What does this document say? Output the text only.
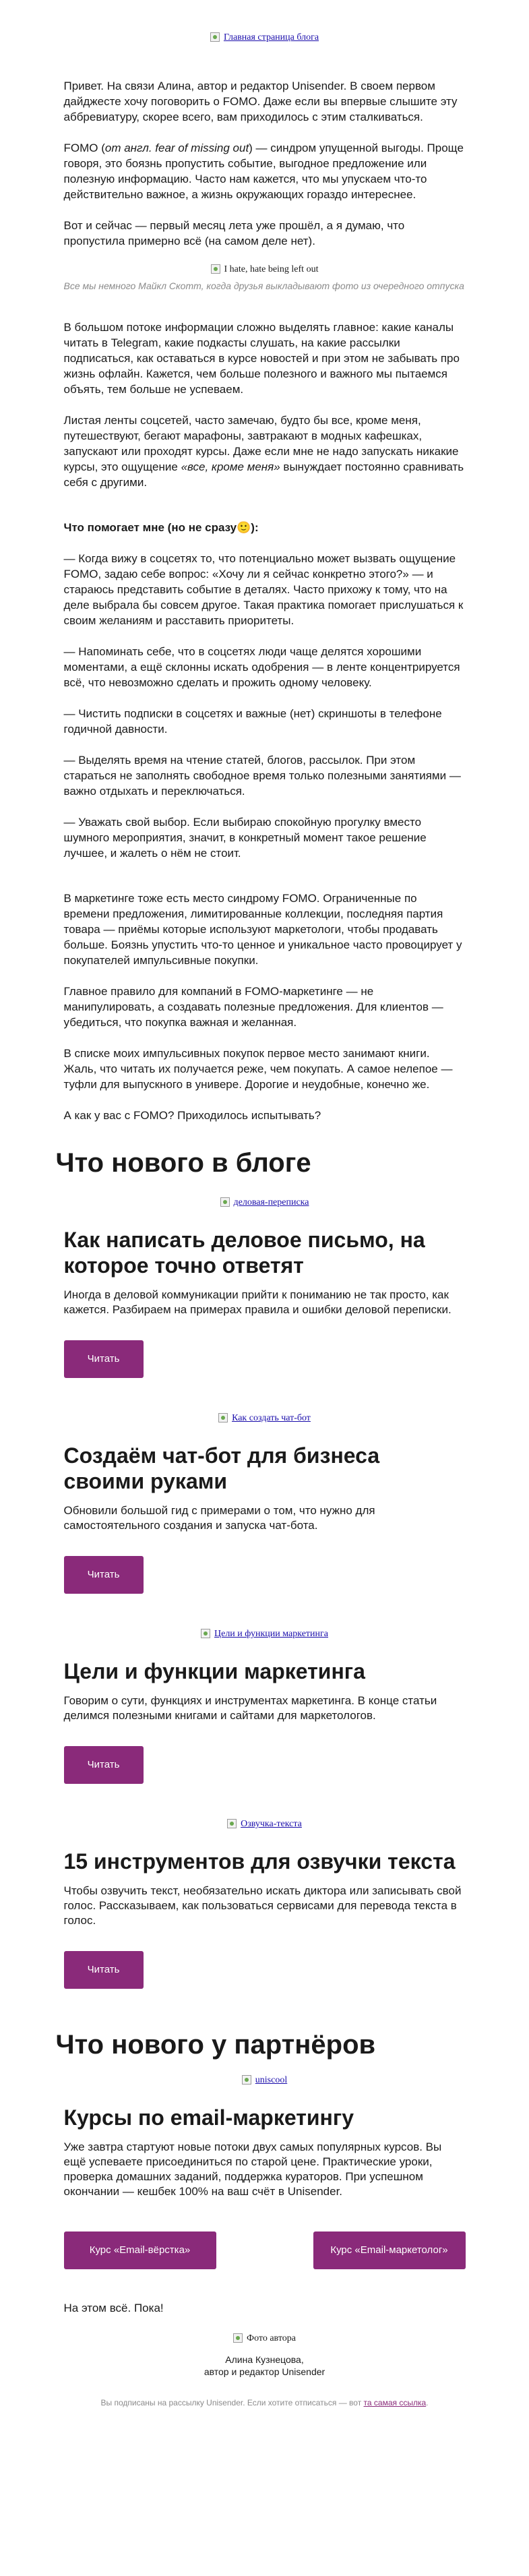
Главная страница блога

Привет. На связи Алина, автор и редактор Unisender. В своем первом дайджесте хочу поговорить о FOMO. Даже если вы впервые слышите эту аббревиатуру, скорее всего, вам приходилось с этим сталкиваться.

FOMO (от англ. fear of missing out) — синдром упущенной выгоды. Проще говоря, это боязнь пропустить событие, выгодное предложение или полезную информацию. Часто нам кажется, что мы упускаем что-то действительно важное, а жизнь окружающих гораздо интереснее.

Вот и сейчас — первый месяц лета уже прошёл, а я думаю, что пропустила примерно всё (на самом деле нет).

I hate, hate being left out
Все мы немного Майкл Скотт, когда друзья выкладывают фото из очередного отпуска

В большом потоке информации сложно выделять главное: какие каналы читать в Telegram, какие подкасты слушать, на какие рассылки подписаться, как оставаться в курсе новостей и при этом не забывать про жизнь офлайн. Кажется, чем больше полезного и важного мы пытаемся объять, тем больше не успеваем.

Листая ленты соцсетей, часто замечаю, будто бы все, кроме меня, путешествуют, бегают марафоны, завтракают в модных кафешках, запускают или проходят курсы. Даже если мне не надо запускать никакие курсы, это ощущение «все, кроме меня» вынуждает постоянно сравнивать себя с другими.

Что помогает мне (но не сразу🙂):

— Когда вижу в соцсетях то, что потенциально может вызвать ощущение FOMO, задаю себе вопрос: «Хочу ли я сейчас конкретно этого?» — и стараюсь представить событие в деталях. Часто прихожу к тому, что на деле выбрала бы совсем другое. Такая практика помогает прислушаться к своим желаниям и расставить приоритеты.

— Напоминать себе, что в соцсетях люди чаще делятся хорошими моментами, а ещё склонны искать одобрения — в ленте концентрируется всё, что невозможно сделать и прожить одному человеку.

— Чистить подписки в соцсетях и важные (нет) скриншоты в телефоне годичной давности.

— Выделять время на чтение статей, блогов, рассылок. При этом стараться не заполнять свободное время только полезными занятиями — важно отдыхать и переключаться.

— Уважать свой выбор. Если выбираю спокойную прогулку вместо шумного мероприятия, значит, в конкретный момент такое решение лучшее, и жалеть о нём не стоит.

В маркетинге тоже есть место синдрому FOMO. Ограниченные по времени предложения, лимитированные коллекции, последняя партия товара — приёмы которые используют маркетологи, чтобы продавать больше. Боязнь упустить что-то ценное и уникальное часто провоцирует у покупателей импульсивные покупки.

Главное правило для компаний в FOMO-маркетинге — не манипулировать, а создавать полезные предложения. Для клиентов — убедиться, что покупка важная и желанная.

В списке моих импульсивных покупок первое место занимают книги. Жаль, что читать их получается реже, чем покупать. А самое нелепое — туфли для выпускного в универе. Дорогие и неудобные, конечно же.

А как у вас с FOMO? Приходилось испытывать?

Что нового в блоге
деловая-переписка
Как написать деловое письмо, на которое точно ответят
Иногда в деловой коммуникации прийти к пониманию не так просто, как кажется. Разбираем на примерах правила и ошибки деловой переписки.
Читать
Как создать чат-бот
Создаём чат-бот для бизнеса своими руками
Обновили большой гид с примерами о том, что нужно для самостоятельного создания и запуска чат-бота.
Читать
Цели и функции маркетинга
Цели и функции маркетинга
Говорим о сути, функциях и инструментах маркетинга. В конце статьи делимся полезными книгами и сайтами для маркетологов.
Читать
Озвучка-текста
15 инструментов для озвучки текста
Чтобы озвучить текст, необязательно искать диктора или записывать свой голос. Рассказываем, как пользоваться сервисами для перевода текста в голос.
Читать
Что нового у партнёров
uniscool
Курсы по email-маркетингу
Уже завтра стартуют новые потоки двух самых популярных курсов. Вы ещё успеваете присоединиться по старой цене. Практические уроки, проверка домашних заданий, поддержка кураторов. При успешном окончании — кешбек 100% на ваш счёт в Unisender.
Курс «Email-вёрстка»	Курс «Email-маркетолог»
На этом всё. Пока!
Фото автора
Алина Кузнецова,
автор и редактор Unisender
Вы подписаны на рассылку Unisender. Если хотите отписаться — вот та самая ссылка.
